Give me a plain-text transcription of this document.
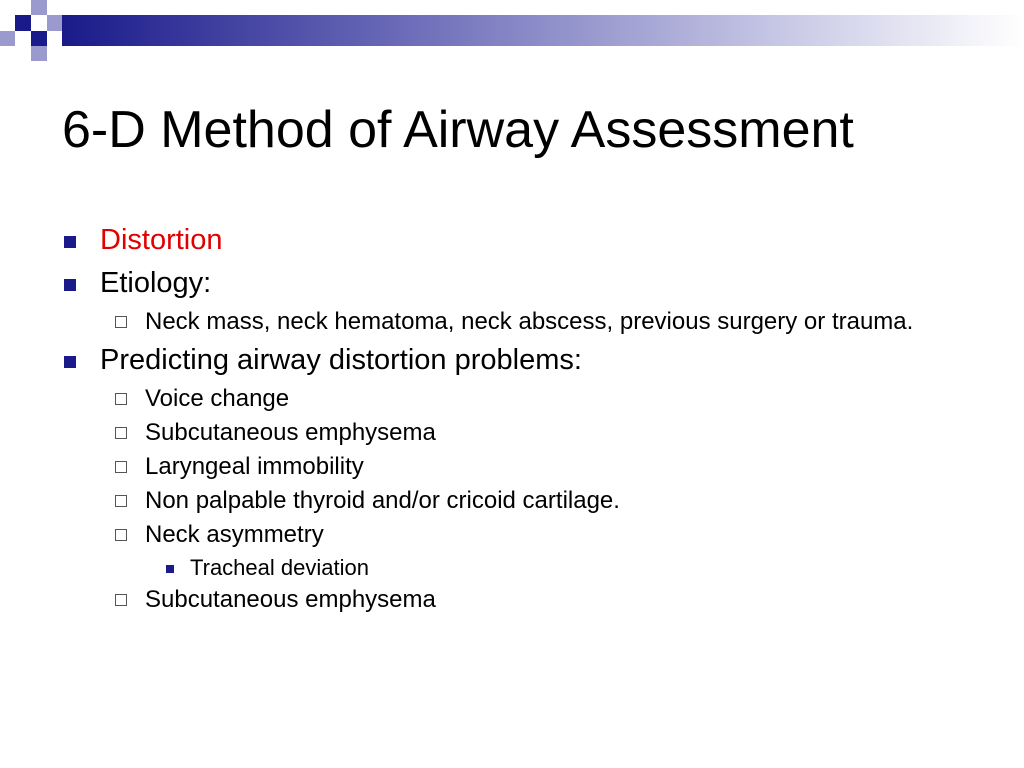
6-D Method of Airway Assessment
Distortion
Etiology:
Neck mass, neck hematoma, neck abscess, previous surgery or trauma.
Predicting airway distortion problems:
Voice change
Subcutaneous emphysema
Laryngeal immobility
Non palpable thyroid and/or cricoid cartilage.
Neck asymmetry
Tracheal deviation
Subcutaneous emphysema
